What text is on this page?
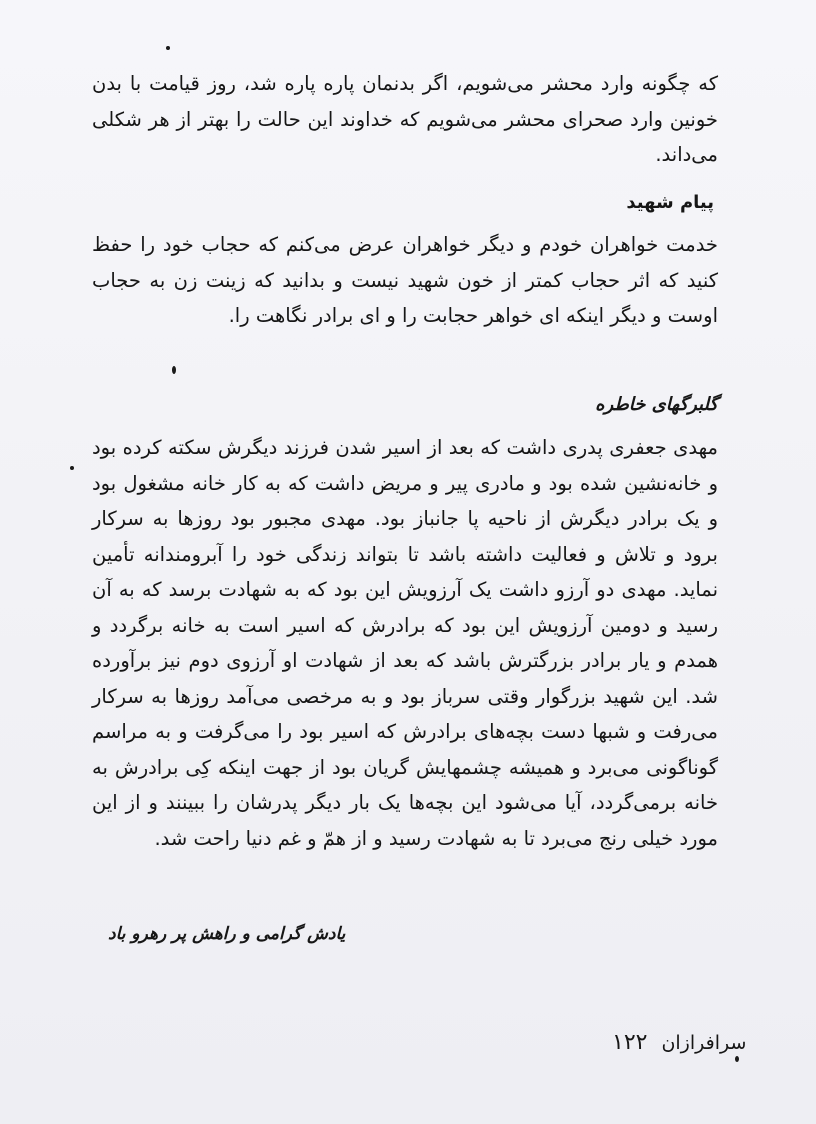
که چگونه وارد محشر می‌شویم، اگر بدنمان پاره پاره شد، روز قیامت با بدن خونین وارد صحرای محشر می‌شویم که خداوند این حالت را بهتر از هر شکلی می‌داند.

پیام شهید

خدمت خواهران خودم و دیگر خواهران عرض می‌کنم که حجاب خود را حفظ کنید که اثر حجاب کمتر از خون شهید نیست و بدانید که زینت زن به حجاب اوست و دیگر اینکه ای خواهر حجابت را و ای برادر نگاهت را.

گلبرگهای خاطره

مهدی جعفری پدری داشت که بعد از اسیر شدن فرزند دیگرش سکته کرده بود و خانه‌نشین شده بود و مادری پیر و مریض داشت که به کار خانه مشغول بود و یک برادر دیگرش از ناحیه پا جانباز بود. مهدی مجبور بود روزها به سرکار برود و تلاش و فعالیت داشته باشد تا بتواند زندگی خود را آبرومندانه تأمین نماید. مهدی دو آرزو داشت یک آرزویش این بود که به شهادت برسد که به آن رسید و دومین آرزویش این بود که برادرش که اسیر است به خانه برگردد و همدم و یار برادر بزرگترش باشد که بعد از شهادت او آرزوی دوم نیز برآورده شد. این شهید بزرگوار وقتی سرباز بود و به مرخصی می‌آمد روزها به سرکار می‌رفت و شبها دست بچه‌های برادرش که اسیر بود را می‌گرفت و به مراسم گوناگونی می‌برد و همیشه چشمهایش گریان بود از جهت اینکه کِی برادرش به خانه برمی‌گردد، آیا می‌شود این بچه‌ها یک بار دیگر پدرشان را ببینند و از این مورد خیلی رنج می‌برد تا به شهادت رسید و از همّ و غم دنیا راحت شد.

یادش گرامی و راهش پر رهرو باد
سرافرازان
۱۲۲
